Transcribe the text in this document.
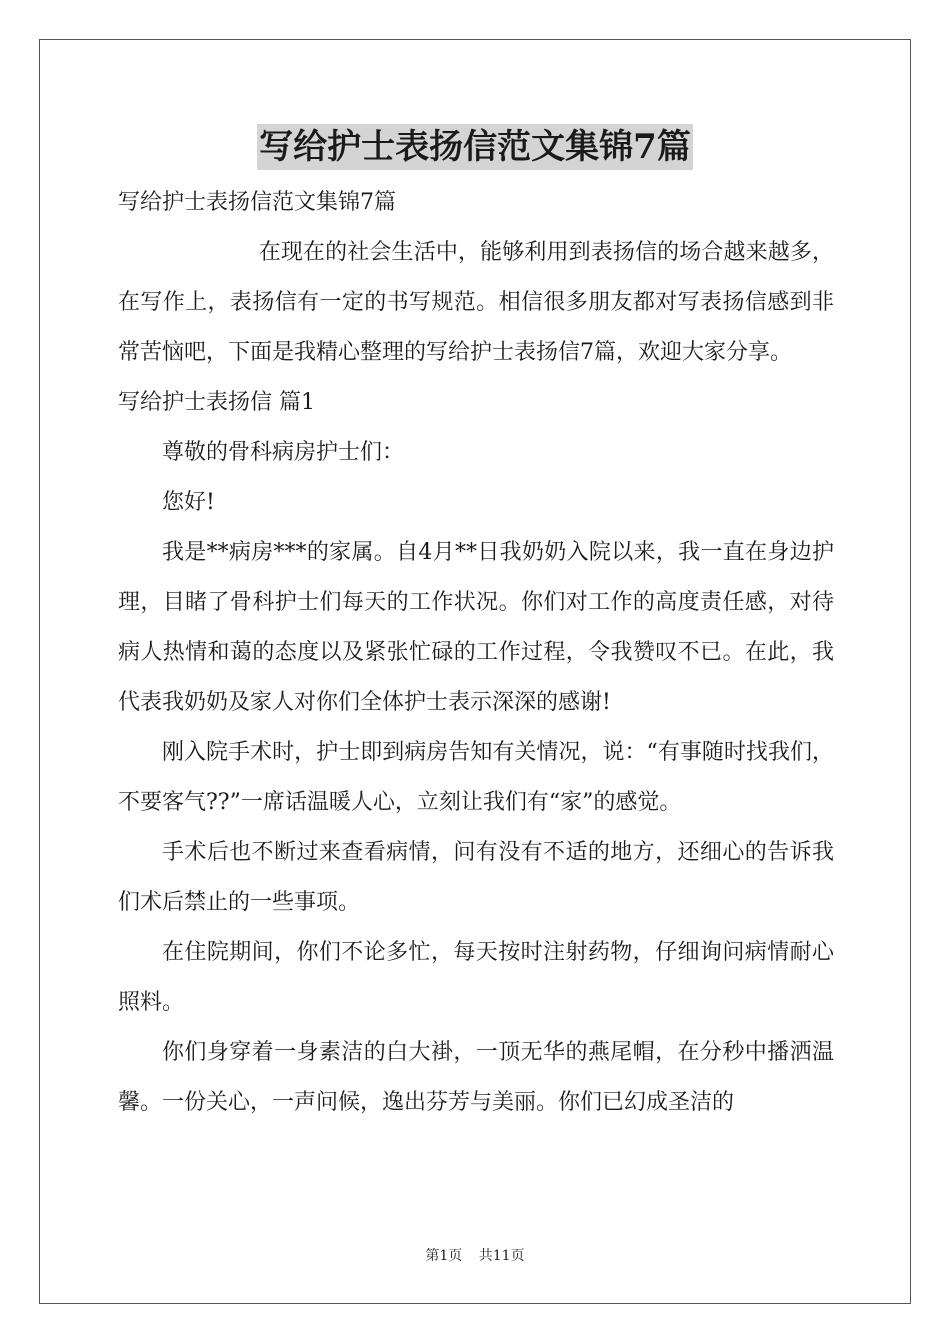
写给护士表扬信范文集锦7篇
写给护士表扬信范文集锦7篇

在现在的社会生活中，能够利用到表扬信的场合越来越多，在写作上，表扬信有一定的书写规范。相信很多朋友都对写表扬信感到非常苦恼吧，下面是我精心整理的写给护士表扬信7篇，欢迎大家分享。

写给护士表扬信 篇1

尊敬的骨科病房护士们：

您好!

我是**病房***的家属。自4月**日我奶奶入院以来，我一直在身边护理，目睹了骨科护士们每天的工作状况。你们对工作的高度责任感，对待病人热情和蔼的态度以及紧张忙碌的工作过程，令我赞叹不已。在此，我代表我奶奶及家人对你们全体护士表示深深的感谢!

刚入院手术时，护士即到病房告知有关情况，说：“有事随时找我们，不要客气??”一席话温暖人心，立刻让我们有“家”的感觉。

手术后也不断过来查看病情，问有没有不适的地方，还细心的告诉我们术后禁止的一些事项。

在住院期间，你们不论多忙，每天按时注射药物，仔细询问病情耐心照料。

你们身穿着一身素洁的白大褂，一顶无华的燕尾帽，在分秒中播洒温馨。一份关心，一声问候，逸出芬芳与美丽。你们已幻成圣洁的

第1页 共11页
